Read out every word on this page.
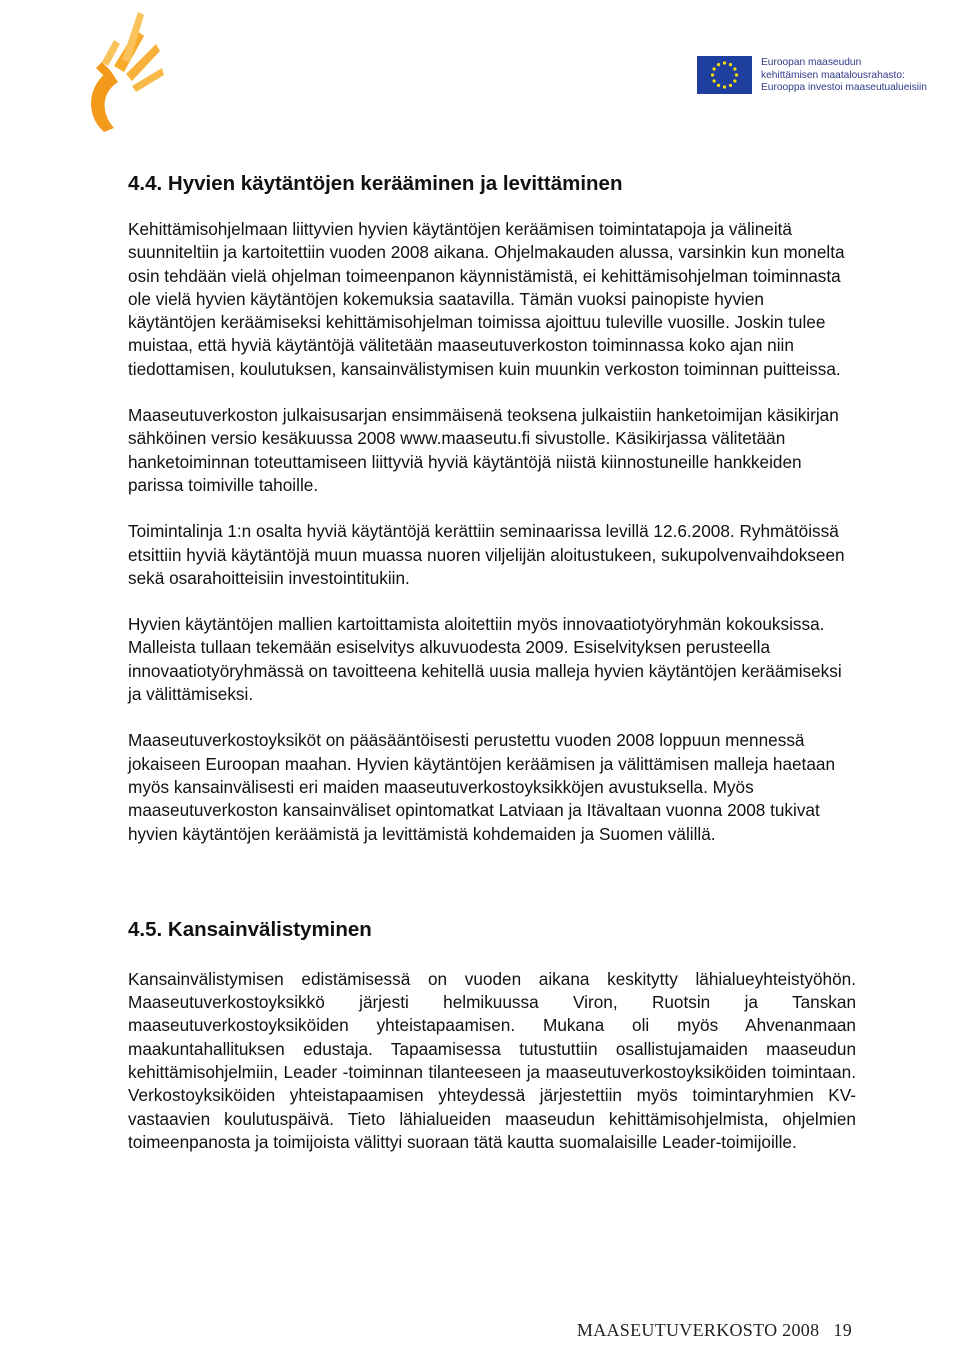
Euroopan maaseudun
kehittämisen maatalousrahasto:
Eurooppa investoi maaseutualueisiin
4.4. Hyvien käytäntöjen kerääminen ja levittäminen

Kehittämisohjelmaan liittyvien hyvien käytäntöjen keräämisen toimintatapoja ja välineitä suunniteltiin ja kartoitettiin vuoden 2008 aikana. Ohjelmakauden alussa, varsinkin kun monelta osin tehdään vielä ohjelman toimeenpanon käynnistämistä, ei kehittämisohjelman toiminnasta ole vielä hyvien käytäntöjen kokemuksia saatavilla. Tämän vuoksi painopiste hyvien käytäntöjen keräämiseksi kehittämisohjelman toimissa ajoittuu tuleville vuosille. Joskin tulee muistaa, että hyviä käytäntöjä välitetään maaseutuverkoston toiminnassa koko ajan niin tiedottamisen, koulutuksen, kansainvälistymisen kuin muunkin verkoston toiminnan puitteissa.

Maaseutuverkoston julkaisusarjan ensimmäisenä teoksena julkaistiin hanketoimijan käsikirjan sähköinen versio kesäkuussa 2008 www.maaseutu.fi sivustolle. Käsikirjassa välitetään hanketoiminnan toteuttamiseen liittyviä hyviä käytäntöjä niistä kiinnostuneille hankkeiden parissa toimiville tahoille.

Toimintalinja 1:n osalta hyviä käytäntöjä kerättiin seminaarissa levillä 12.6.2008. Ryhmätöissä etsittiin hyviä käytäntöjä muun muassa nuoren viljelijän aloitustukeen, sukupolvenvaihdokseen sekä osarahoitteisiin investointitukiin.

Hyvien käytäntöjen mallien kartoittamista aloitettiin myös innovaatiotyöryhmän kokouksissa. Malleista tullaan tekemään esiselvitys alkuvuodesta 2009. Esiselvityksen perusteella innovaatiotyöryhmässä on tavoitteena kehitellä uusia malleja hyvien käytäntöjen keräämiseksi ja välittämiseksi.

Maaseutuverkostoyksiköt on pääsääntöisesti perustettu vuoden 2008 loppuun mennessä jokaiseen Euroopan maahan. Hyvien käytäntöjen keräämisen ja välittämisen malleja haetaan myös kansainvälisesti eri maiden maaseutuverkostoyksikköjen avustuksella. Myös maaseutuverkoston kansainväliset opintomatkat Latviaan ja Itävaltaan vuonna 2008 tukivat hyvien käytäntöjen keräämistä ja levittämistä kohdemaiden ja Suomen välillä.

4.5. Kansainvälistyminen

Kansainvälistymisen edistämisessä on vuoden aikana keskitytty lähialueyhteistyöhön. Maaseutuverkostoyksikkö järjesti helmikuussa Viron, Ruotsin ja Tanskan maaseutuverkostoyksiköiden yhteistapaamisen. Mukana oli myös Ahvenanmaan maakuntahallituksen edustaja. Tapaamisessa tutustuttiin osallistujamaiden maaseudun kehittämisohjelmiin, Leader -toiminnan tilanteeseen ja maaseutuverkostoyksiköiden toimintaan. Verkostoyksiköiden yhteistapaamisen yhteydessä järjestettiin myös toimintaryhmien KV-vastaavien koulutuspäivä. Tieto lähialueiden maaseudun kehittämisohjelmista, ohjelmien toimeenpanosta ja toimijoista välittyi suoraan tätä kautta suomalaisille Leader-toimijoille.

MAASEUTUVERKOSTO 2008 19
